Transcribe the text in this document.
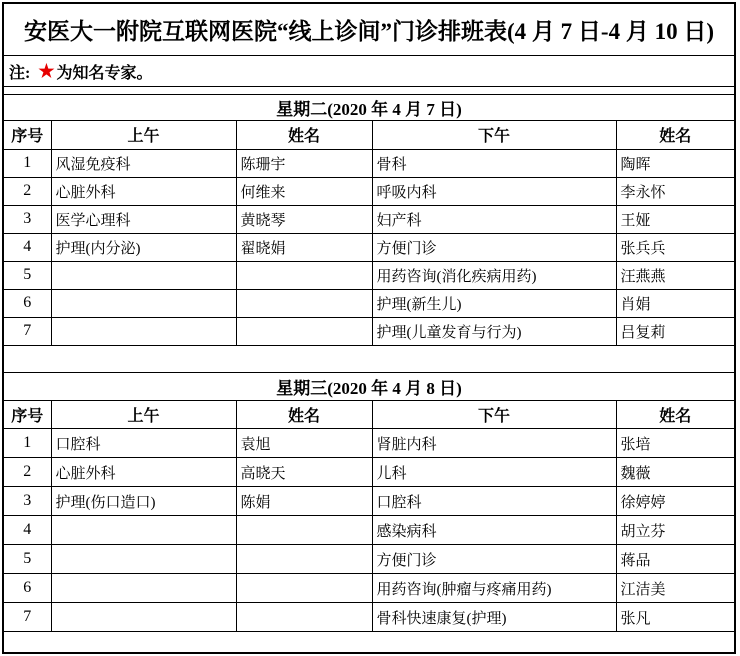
安医大一附院互联网医院“线上诊间”门诊排班表(4 月 7 日-4 月 10 日)
注: ★ 为知名专家。
星期二(2020 年 4 月 7 日)
序号	上午	姓名	下午	姓名
1	风湿免疫科	陈珊宇	骨科	陶晖
2	心脏外科	何维来	呼吸内科	李永怀
3	医学心理科	黄晓琴	妇产科	王娅
4	护理(内分泌)	翟晓娟	方便门诊	张兵兵
5			用药咨询(消化疾病用药)	汪燕燕
6			护理(新生儿)	肖娟
7			护理(儿童发育与行为)	吕复莉
星期三(2020 年 4 月 8 日)
序号	上午	姓名	下午	姓名
1	口腔科	袁旭	肾脏内科	张培
2	心脏外科	高晓天	儿科	魏薇
3	护理(伤口造口)	陈娟	口腔科	徐婷婷
4			感染病科	胡立芬
5			方便门诊	蒋品
6			用药咨询(肿瘤与疼痛用药)	江洁美
7			骨科快速康复(护理)	张凡
